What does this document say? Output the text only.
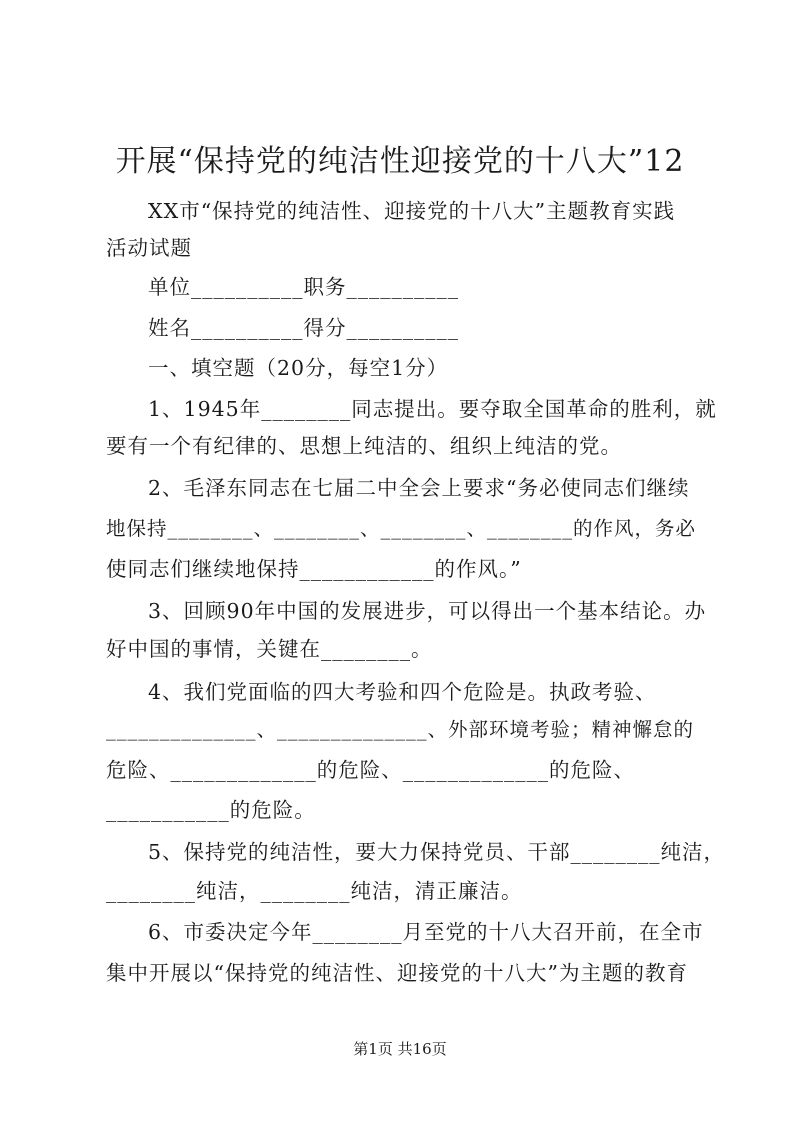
开展“保持党的纯洁性迎接党的十八大”12
XX市“保持党的纯洁性、迎接党的十八大”主题教育实践
活动试题
单位__________职务__________
姓名__________得分__________
一、填空题（20分，每空1分）
1、1945年________同志提出。要夺取全国革命的胜利，就
要有一个有纪律的、思想上纯洁的、组织上纯洁的党。
2、毛泽东同志在七届二中全会上要求“务必使同志们继续
地保持________、________、________、________的作风，务必
使同志们继续地保持____________的作风。”
3、回顾90年中国的发展进步，可以得出一个基本结论。办
好中国的事情，关键在________。
4、我们党面临的四大考验和四个危险是。执政考验、
______________、______________、外部环境考验；精神懈怠的
危险、_____________的危险、_____________的危险、
___________的危险。
5、保持党的纯洁性，要大力保持党员、干部________纯洁，
________纯洁，________纯洁，清正廉洁。
6、市委决定今年________月至党的十八大召开前，在全市
集中开展以“保持党的纯洁性、迎接党的十八大”为主题的教育
第1页 共16页
